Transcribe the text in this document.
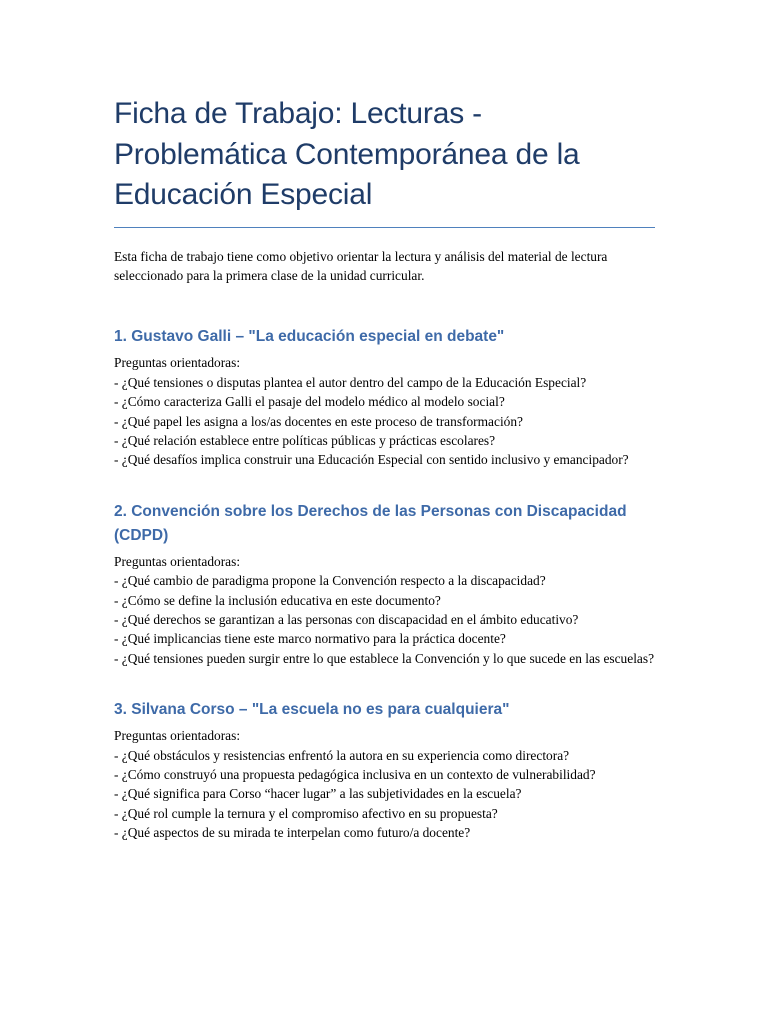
Ficha de Trabajo: Lecturas - Problemática Contemporánea de la Educación Especial

Esta ficha de trabajo tiene como objetivo orientar la lectura y análisis del material de lectura seleccionado para la primera clase de la unidad curricular.

1. Gustavo Galli – "La educación especial en debate"
Preguntas orientadoras:
- ¿Qué tensiones o disputas plantea el autor dentro del campo de la Educación Especial?
- ¿Cómo caracteriza Galli el pasaje del modelo médico al modelo social?
- ¿Qué papel les asigna a los/as docentes en este proceso de transformación?
- ¿Qué relación establece entre políticas públicas y prácticas escolares?
- ¿Qué desafíos implica construir una Educación Especial con sentido inclusivo y emancipador?
2. Convención sobre los Derechos de las Personas con Discapacidad (CDPD)
Preguntas orientadoras:
- ¿Qué cambio de paradigma propone la Convención respecto a la discapacidad?
- ¿Cómo se define la inclusión educativa en este documento?
- ¿Qué derechos se garantizan a las personas con discapacidad en el ámbito educativo?
- ¿Qué implicancias tiene este marco normativo para la práctica docente?
- ¿Qué tensiones pueden surgir entre lo que establece la Convención y lo que sucede en las escuelas?
3. Silvana Corso – "La escuela no es para cualquiera"
Preguntas orientadoras:
- ¿Qué obstáculos y resistencias enfrentó la autora en su experiencia como directora?
- ¿Cómo construyó una propuesta pedagógica inclusiva en un contexto de vulnerabilidad?
- ¿Qué significa para Corso “hacer lugar” a las subjetividades en la escuela?
- ¿Qué rol cumple la ternura y el compromiso afectivo en su propuesta?
- ¿Qué aspectos de su mirada te interpelan como futuro/a docente?
